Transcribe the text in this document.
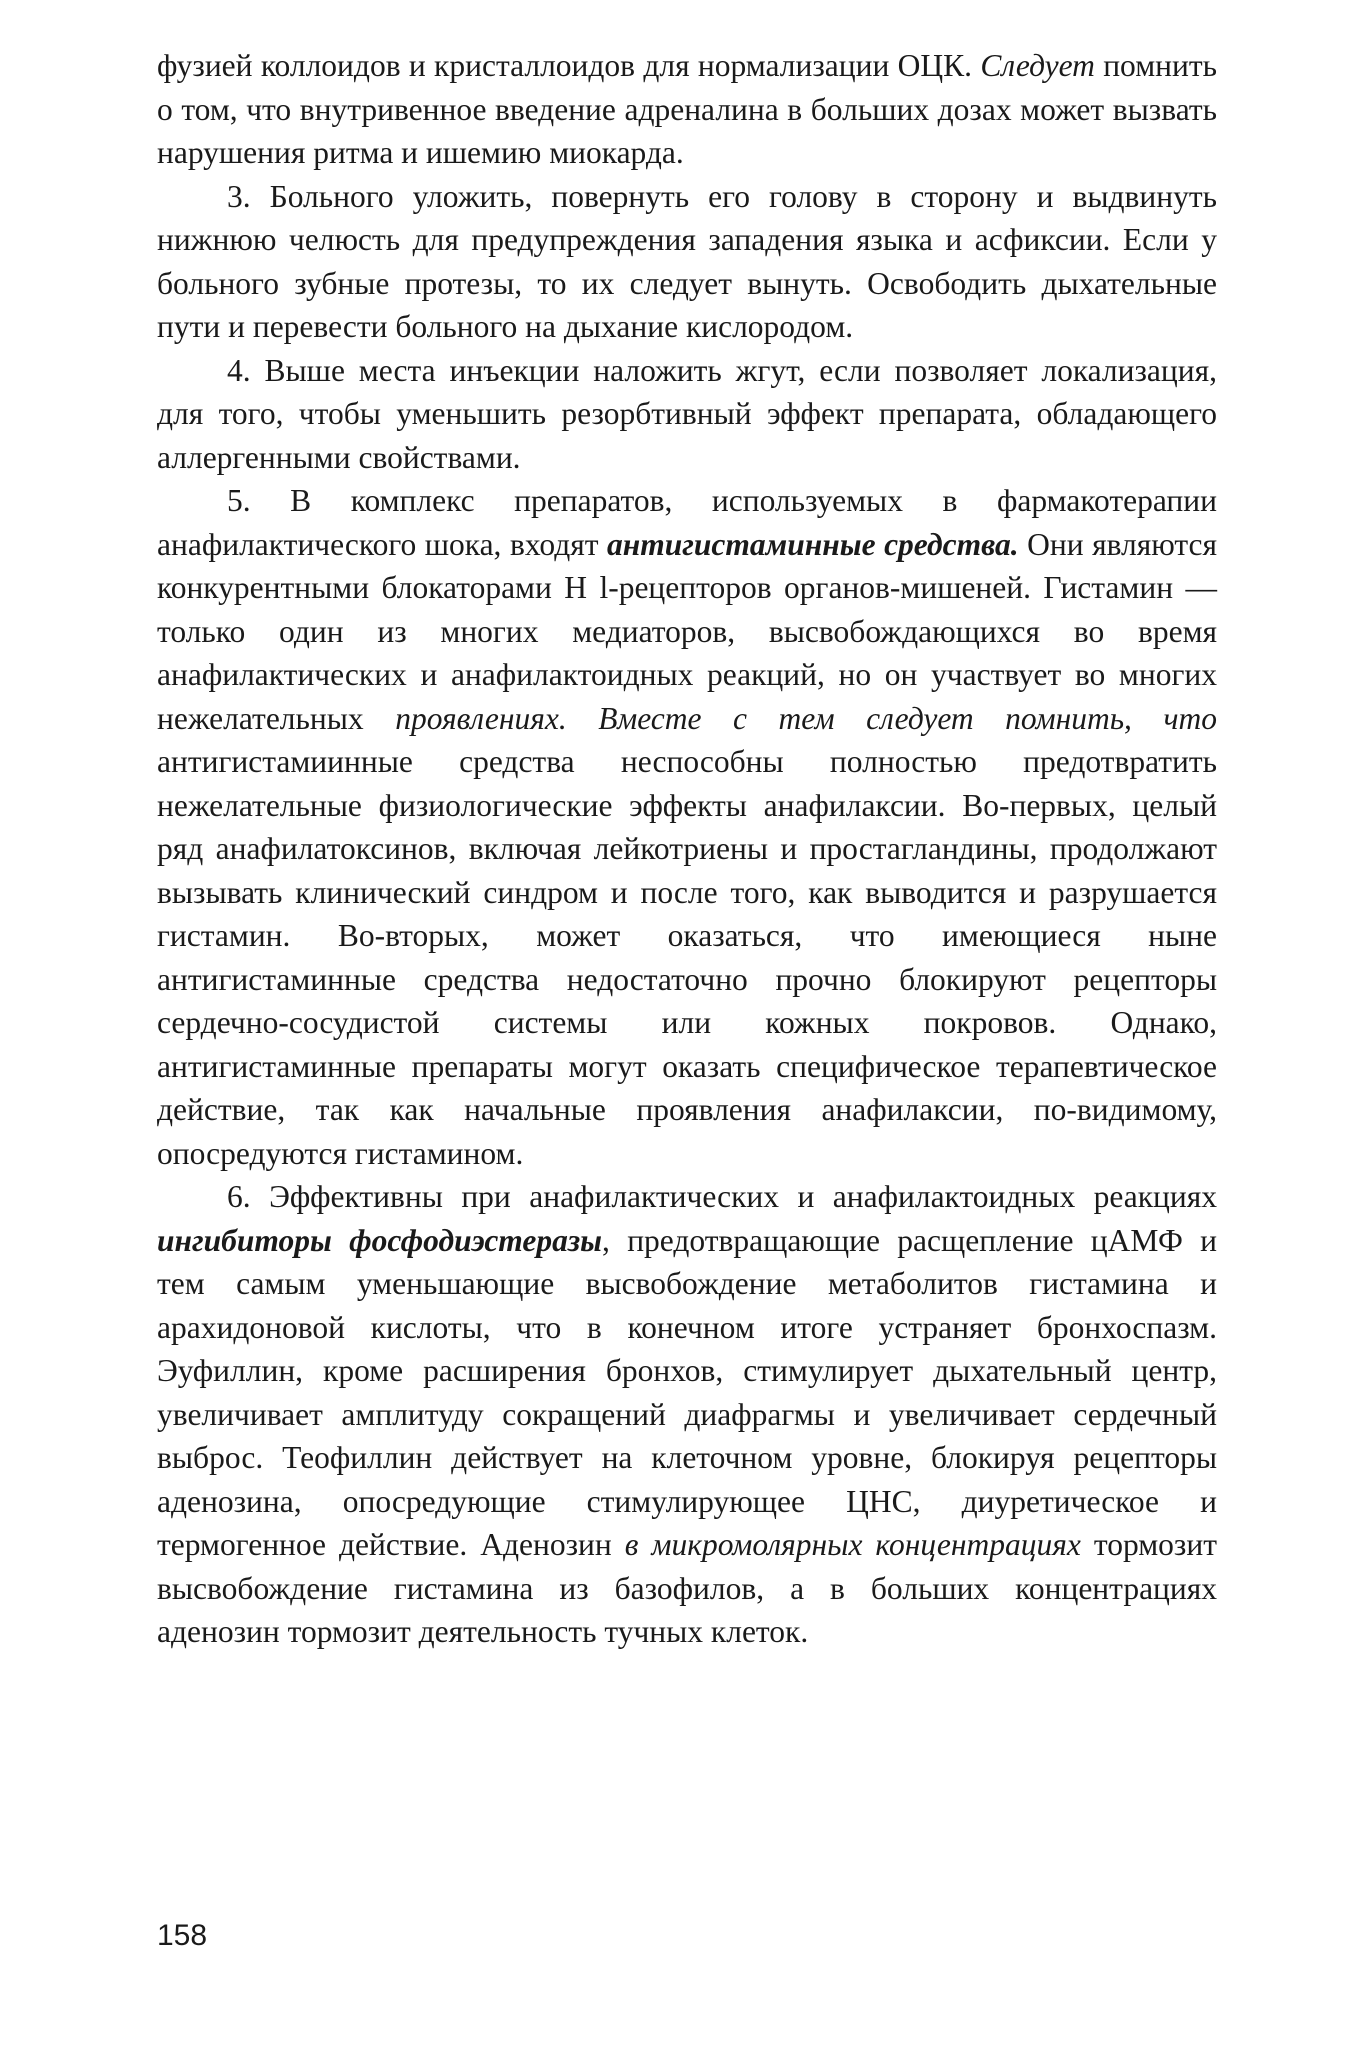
фузией коллоидов и кристаллоидов для нормализации ОЦК. Следует помнить о том, что внутривенное введение адреналина в больших дозах может вызвать нарушения ритма и ишемию миокарда.

3. Больного уложить, повернуть его голову в сторону и выдвинуть нижнюю челюсть для предупреждения западения языка и асфиксии. Если у больного зубные протезы, то их следует вынуть. Освободить дыхательные пути и перевести больного на дыхание кислородом.

4. Выше места инъекции наложить жгут, если позволяет локализация, для того, чтобы уменьшить резорбтивный эффект препарата, обладающего аллергенными свойствами.

5. В комплекс препаратов, используемых в фармакотерапии анафилактического шока, входят антигистаминные средства. Они являются конкурентными блокаторами Н l-рецепторов органов-мишеней. Гистамин — только один из многих медиаторов, высвобождающихся во время анафилактических и анафилактоидных реакций, но он участвует во многих нежелательных проявлениях. Вместе с тем следует помнить, что антигистамиинные средства неспособны полностью предотвратить нежелательные физиологические эффекты анафилаксии. Во-первых, целый ряд анафилатоксинов, включая лейкотриены и простагландины, продолжают вызывать клинический синдром и после того, как выводится и разрушается гистамин. Во-вторых, может оказаться, что имеющиеся ныне антигистаминные средства недостаточно прочно блокируют рецепторы сердечно-сосудистой системы или кожных покровов. Однако, антигистаминные препараты могут оказать специфическое терапевтическое действие, так как начальные проявления анафилаксии, по-видимому, опосредуются гистамином.

6. Эффективны при анафилактических и анафилактоидных реакциях ингибиторы фосфодиэстеразы, предотвращающие расщепление цАМФ и тем самым уменьшающие высвобождение метаболитов гистамина и арахидоновой кислоты, что в конечном итоге устраняет бронхоспазм. Эуфиллин, кроме расширения бронхов, стимулирует дыхательный центр, увеличивает амплитуду сокращений диафрагмы и увеличивает сердечный выброс. Теофиллин действует на клеточном уровне, блокируя рецепторы аденозина, опосредующие стимулирующее ЦНС, диуретическое и термогенное действие. Аденозин в микромолярных концентрациях тормозит высвобождение гистамина из базофилов, а в больших концентрациях аденозин тормозит деятельность тучных клеток.

158
